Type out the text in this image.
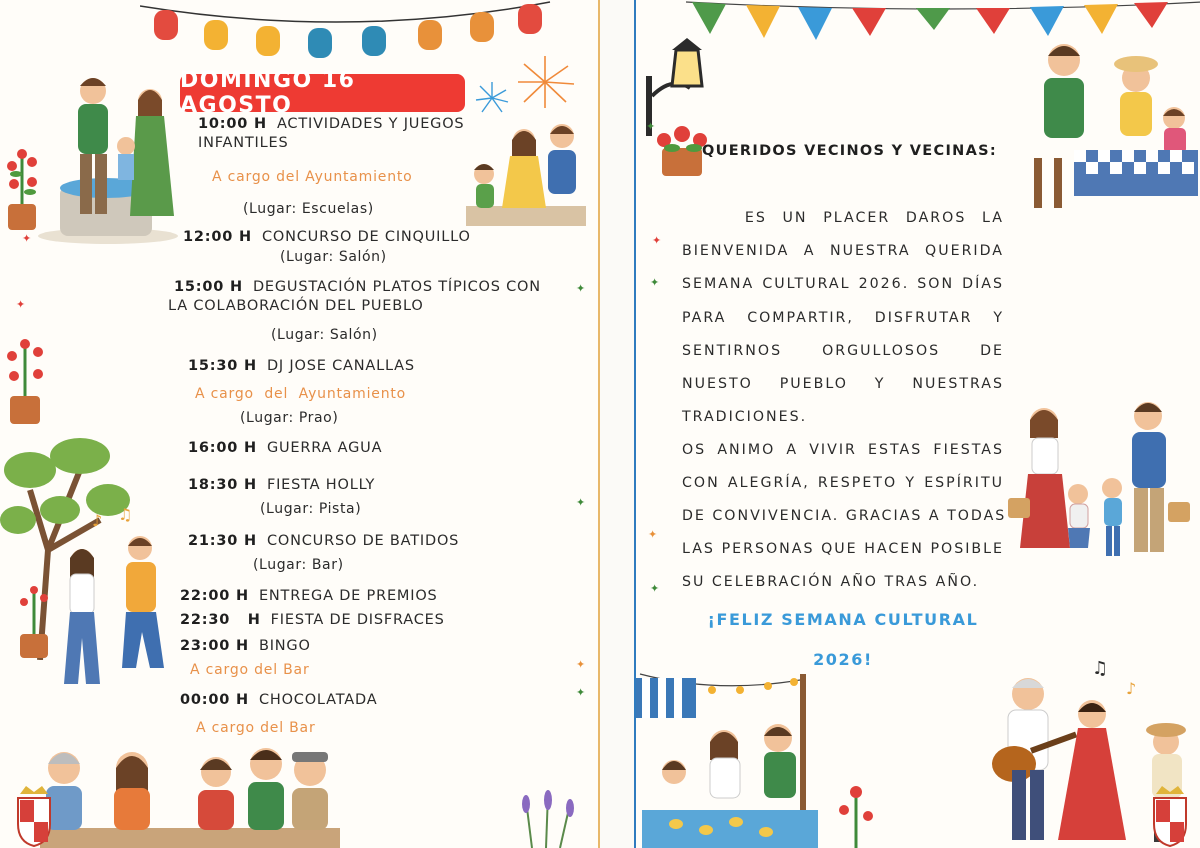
♪ ♫
DOMINGO 16 AGOSTO
10:00 H ACTIVIDADES Y JUEGOS
INFANTILES
A cargo del Ayuntamiento
(Lugar: Escuelas)
12:00 H CONCURSO DE CINQUILLO
(Lugar: Salón)
15:00 H DEGUSTACIÓN PLATOS TÍPICOS CON
LA COLABORACIÓN DEL PUEBLO
(Lugar: Salón)
15:30 H DJ JOSE CANALLAS
A cargo  del  Ayuntamiento
(Lugar: Prao)
16:00 H GUERRA AGUA
18:30 H FIESTA HOLLY
(Lugar: Pista)
21:30 H CONCURSO DE BATIDOS
(Lugar: Bar)
22:00 H ENTREGA DE PREMIOS
22:30   H FIESTA DE DISFRACES
23:00 H BINGO
A cargo del Bar
00:00 H CHOCOLATADA
A cargo del Bar
✦
✦
✦
✦
✦
✦
♫
♪
✦
✦
✦
✦
✦
QUERIDOS VECINOS Y VECINAS:
ES UN PLACER DAROS LA
BIENVENIDA A NUESTRA QUERIDA
SEMANA CULTURAL 2026. SON DÍAS
PARA COMPARTIR, DISFRUTAR Y
SENTIRNOS ORGULLOSOS DE
NUESTO PUEBLO Y NUESTRAS
TRADICIONES.
OS ANIMO A VIVIR ESTAS FIESTAS
CON ALEGRÍA, RESPETO Y ESPÍRITU
DE CONVIVENCIA. GRACIAS A TODAS
LAS PERSONAS QUE HACEN POSIBLE
SU CELEBRACIÓN AÑO TRAS AÑO.
¡FELIZ SEMANA CULTURAL
2026!
